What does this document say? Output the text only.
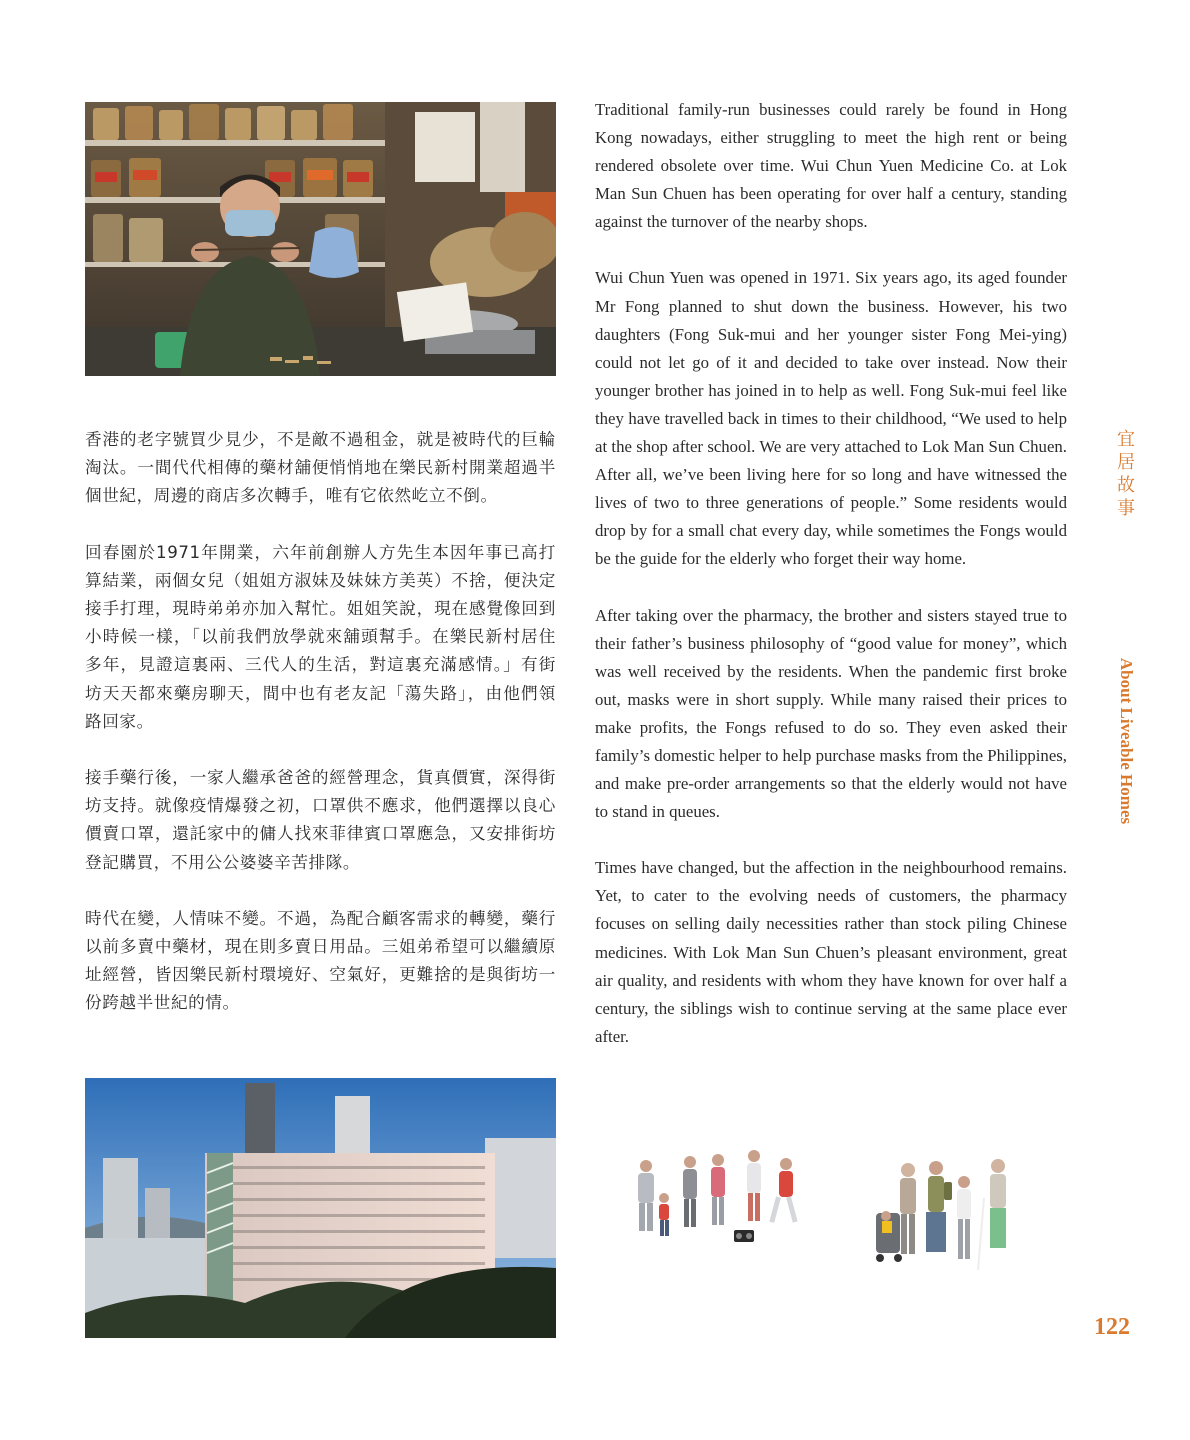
香港的老字號買少見少，不是敵不過租金，就是被時代的巨輪淘汰。一間代代相傳的藥材舖便悄悄地在樂民新村開業超過半個世紀，周邊的商店多次轉手，唯有它依然屹立不倒。

回春園於1971年開業，六年前創辦人方先生本因年事已高打算結業，兩個女兒（姐姐方淑妹及妹妹方美英）不捨，便決定接手打理，現時弟弟亦加入幫忙。姐姐笑說，現在感覺像回到小時候一樣，「以前我們放學就來舖頭幫手。在樂民新村居住多年，見證這裏兩、三代人的生活，對這裏充滿感情。」有街坊天天都來藥房聊天，間中也有老友記「蕩失路」，由他們領路回家。

接手藥行後，一家人繼承爸爸的經營理念，貨真價實，深得街坊支持。就像疫情爆發之初，口罩供不應求，他們選擇以良心價賣口罩，還託家中的傭人找來菲律賓口罩應急，又安排街坊登記購買，不用公公婆婆辛苦排隊。

時代在變，人情味不變。不過，為配合顧客需求的轉變，藥行以前多賣中藥材，現在則多賣日用品。三姐弟希望可以繼續原址經營，皆因樂民新村環境好、空氣好，更難捨的是與街坊一份跨越半世紀的情。

Traditional family-run businesses could rarely be found in Hong Kong nowadays, either struggling to meet the high rent or being rendered obsolete over time. Wui Chun Yuen Medicine Co. at Lok Man Sun Chuen has been operating for over half a century, standing against the turnover of the nearby shops.

Wui Chun Yuen was opened in 1971. Six years ago, its aged founder Mr Fong planned to shut down the business. However, his two daughters (Fong Suk-mui and her younger sister Fong Mei-ying) could not let go of it and decided to take over instead. Now their younger brother has joined in to help as well. Fong Suk-mui feel like they have travelled back in times to their childhood, “We used to help at the shop after school. We are very attached to Lok Man Sun Chuen. After all, we’ve been living here for so long and have witnessed the lives of two to three generations of people.” Some residents would drop by for a small chat every day, while sometimes the Fongs would be the guide for the elderly who forget their way home.

After taking over the pharmacy, the brother and sisters stayed true to their father’s business philosophy of “good value for money”, which was well received by the residents. When the pandemic first broke out, masks were in short supply. While many raised their prices to make profits, the Fongs refused to do so. They even asked their family’s domestic helper to help purchase masks from the Philippines, and make pre-order arrangements so that the elderly would not have to stand in queues.

Times have changed, but the affection in the neighbourhood remains. Yet, to cater to the evolving needs of customers, the pharmacy focuses on selling daily necessities rather than stock piling Chinese medicines. With Lok Man Sun Chuen’s pleasant environment, great air quality, and residents with whom they have known for over half a century, the siblings wish to continue serving at the same place ever after.

宜居故事
About Liveable Homes
122
